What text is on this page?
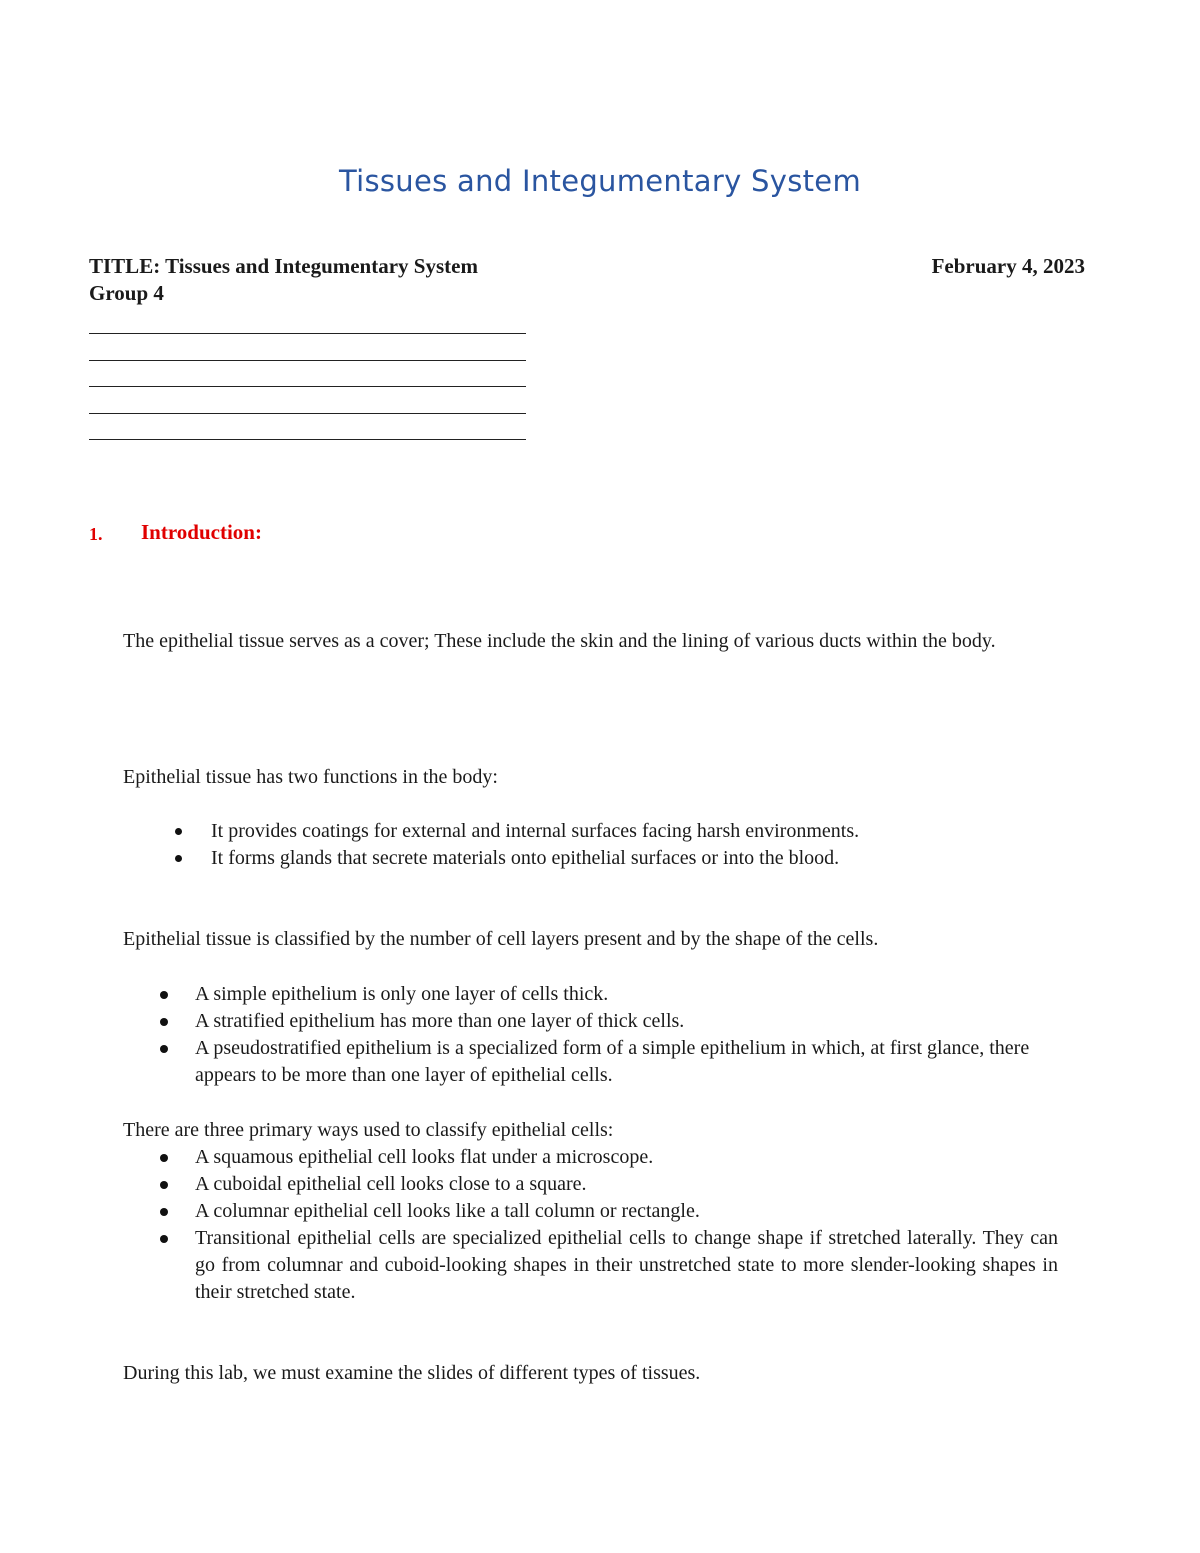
Tissues and Integumentary System
TITLE: Tissues and Integumentary System	February 4, 2023
Group 4
1.	Introduction:

The epithelial tissue serves as a cover; These include the skin and the lining of various ducts within the body.

Epithelial tissue has two functions in the body:

It provides coatings for external and internal surfaces facing harsh environments.
It forms glands that secrete materials onto epithelial surfaces or into the blood.

Epithelial tissue is classified by the number of cell layers present and by the shape of the cells.

A simple epithelium is only one layer of cells thick.
A stratified epithelium has more than one layer of thick cells.
A pseudostratified epithelium is a specialized form of a simple epithelium in which, at first glance, there appears to be more than one layer of epithelial cells.

There are three primary ways used to classify epithelial cells:

A squamous epithelial cell looks flat under a microscope.
A cuboidal epithelial cell looks close to a square.
A columnar epithelial cell looks like a tall column or rectangle.
Transitional epithelial cells are specialized epithelial cells to change shape if stretched laterally. They can go from columnar and cuboid-looking shapes in their unstretched state to more slender-looking shapes in their stretched state.

During this lab, we must examine the slides of different types of tissues.
